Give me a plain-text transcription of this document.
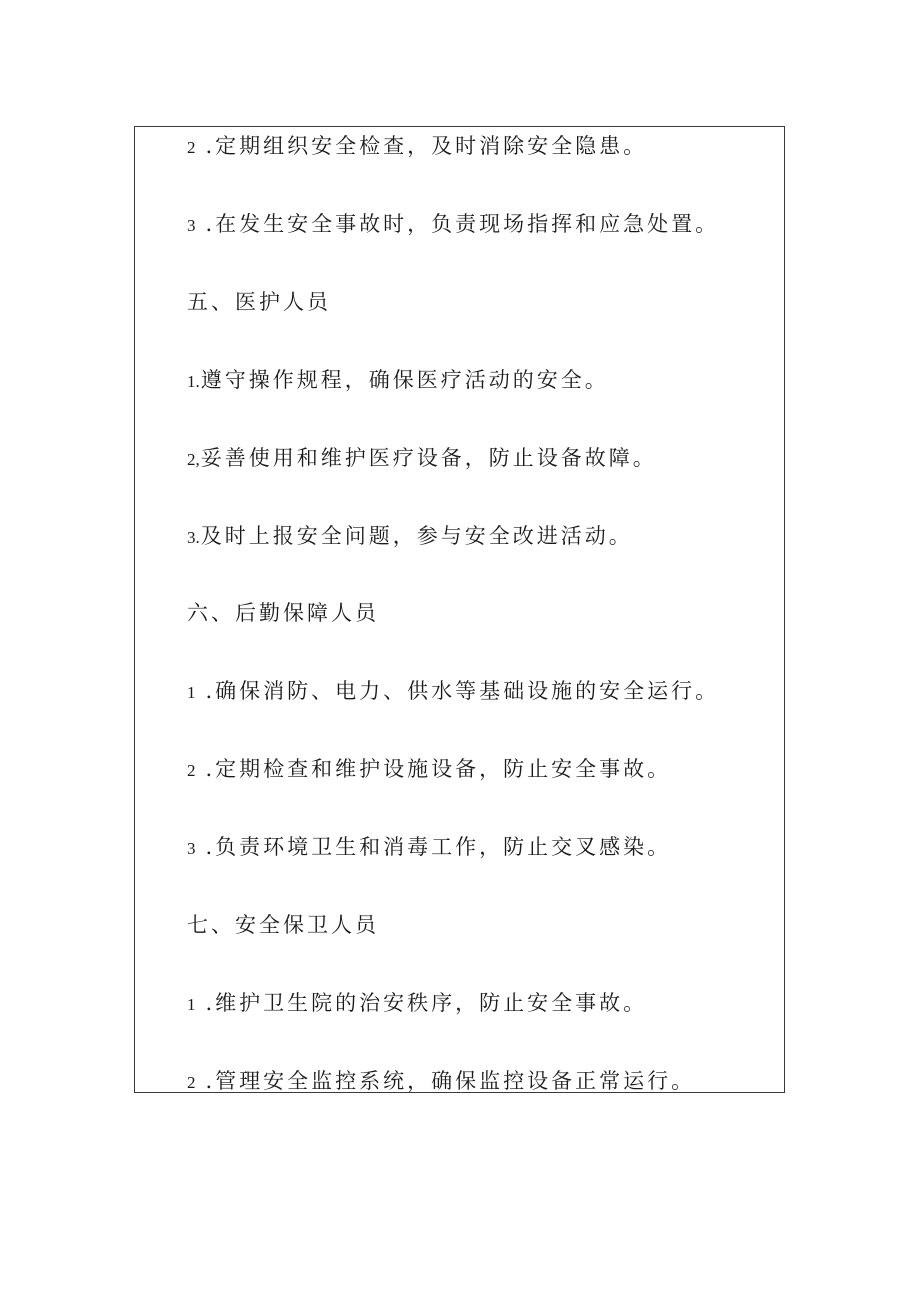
2 .定期组织安全检查，及时消除安全隐患。
3 .在发生安全事故时，负责现场指挥和应急处置。
五、医护人员
1.遵守操作规程，确保医疗活动的安全。
2,妥善使用和维护医疗设备，防止设备故障。
3.及时上报安全问题，参与安全改进活动。
六、后勤保障人员
1 .确保消防、电力、供水等基础设施的安全运行。
2 .定期检查和维护设施设备，防止安全事故。
3 .负责环境卫生和消毒工作，防止交叉感染。
七、安全保卫人员
1 .维护卫生院的治安秩序，防止安全事故。
2 .管理安全监控系统，确保监控设备正常运行。
